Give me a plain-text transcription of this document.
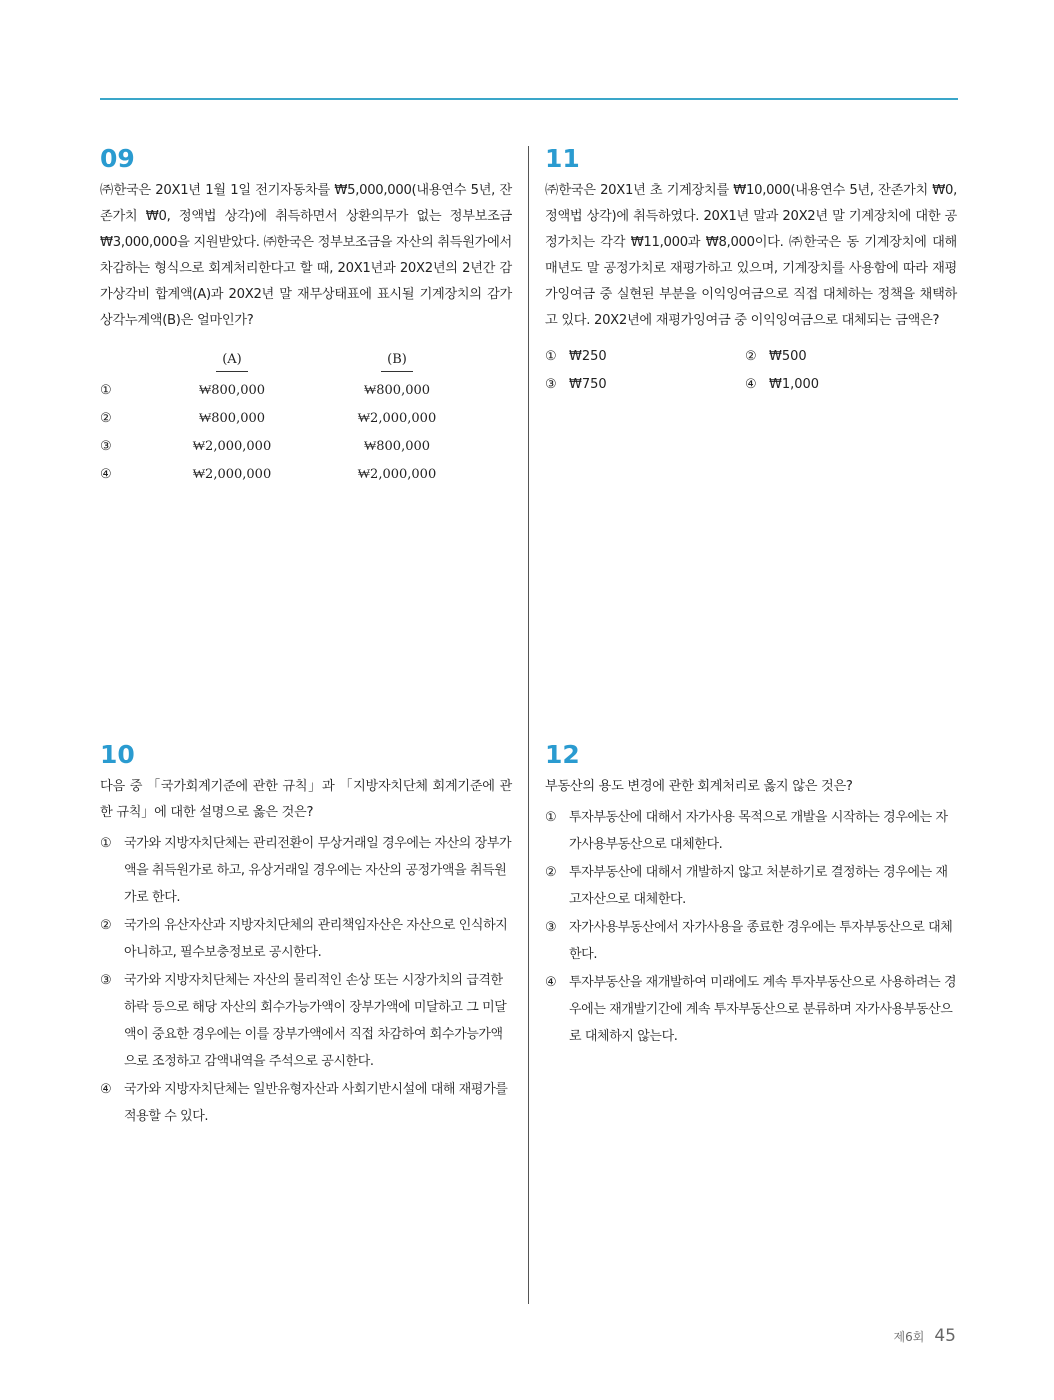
09
㈜한국은 20X1년 1월 1일 전기자동차를 ₩5,000,000(내용연수 5년, 잔존가치 ₩0, 정액법 상각)에 취득하면서 상환의무가 없는 정부보조금 ₩3,000,000을 지원받았다. ㈜한국은 정부보조금을 자산의 취득원가에서 차감하는 형식으로 회계처리한다고 할 때, 20X1년과 20X2년의 2년간 감가상각비 합계액(A)과 20X2년 말 재무상태표에 표시될 기계장치의 감가상각누계액(B)은 얼마인가?
(A)	(B)
①	₩800,000	₩800,000
②	₩800,000	₩2,000,000
③	₩2,000,000	₩800,000
④	₩2,000,000	₩2,000,000
11
㈜한국은 20X1년 초 기계장치를 ₩10,000(내용연수 5년, 잔존가치 ₩0, 정액법 상각)에 취득하였다. 20X1년 말과 20X2년 말 기계장치에 대한 공정가치는 각각 ₩11,000과 ₩8,000이다. ㈜한국은 동 기계장치에 대해 매년도 말 공정가치로 재평가하고 있으며, 기계장치를 사용함에 따라 재평가잉여금 중 실현된 부분을 이익잉여금으로 직접 대체하는 정책을 채택하고 있다. 20X2년에 재평가잉여금 중 이익잉여금으로 대체되는 금액은?
① ₩250	② ₩500
③ ₩750	④ ₩1,000
10
다음 중 「국가회계기준에 관한 규칙」과 「지방자치단체 회계기준에 관한 규칙」에 대한 설명으로 옳은 것은?
① 국가와 지방자치단체는 관리전환이 무상거래일 경우에는 자산의 장부가액을 취득원가로 하고, 유상거래일 경우에는 자산의 공정가액을 취득원가로 한다.
② 국가의 유산자산과 지방자치단체의 관리책임자산은 자산으로 인식하지 아니하고, 필수보충정보로 공시한다.
③ 국가와 지방자치단체는 자산의 물리적인 손상 또는 시장가치의 급격한 하락 등으로 해당 자산의 회수가능가액이 장부가액에 미달하고 그 미달액이 중요한 경우에는 이를 장부가액에서 직접 차감하여 회수가능가액으로 조정하고 감액내역을 주석으로 공시한다.
④ 국가와 지방자치단체는 일반유형자산과 사회기반시설에 대해 재평가를 적용할 수 있다.
12
부동산의 용도 변경에 관한 회계처리로 옳지 않은 것은?
① 투자부동산에 대해서 자가사용 목적으로 개발을 시작하는 경우에는 자가사용부동산으로 대체한다.
② 투자부동산에 대해서 개발하지 않고 처분하기로 결정하는 경우에는 재고자산으로 대체한다.
③ 자가사용부동산에서 자가사용을 종료한 경우에는 투자부동산으로 대체한다.
④ 투자부동산을 재개발하여 미래에도 계속 투자부동산으로 사용하려는 경우에는 재개발기간에 계속 투자부동산으로 분류하며 자가사용부동산으로 대체하지 않는다.
제6회 45
